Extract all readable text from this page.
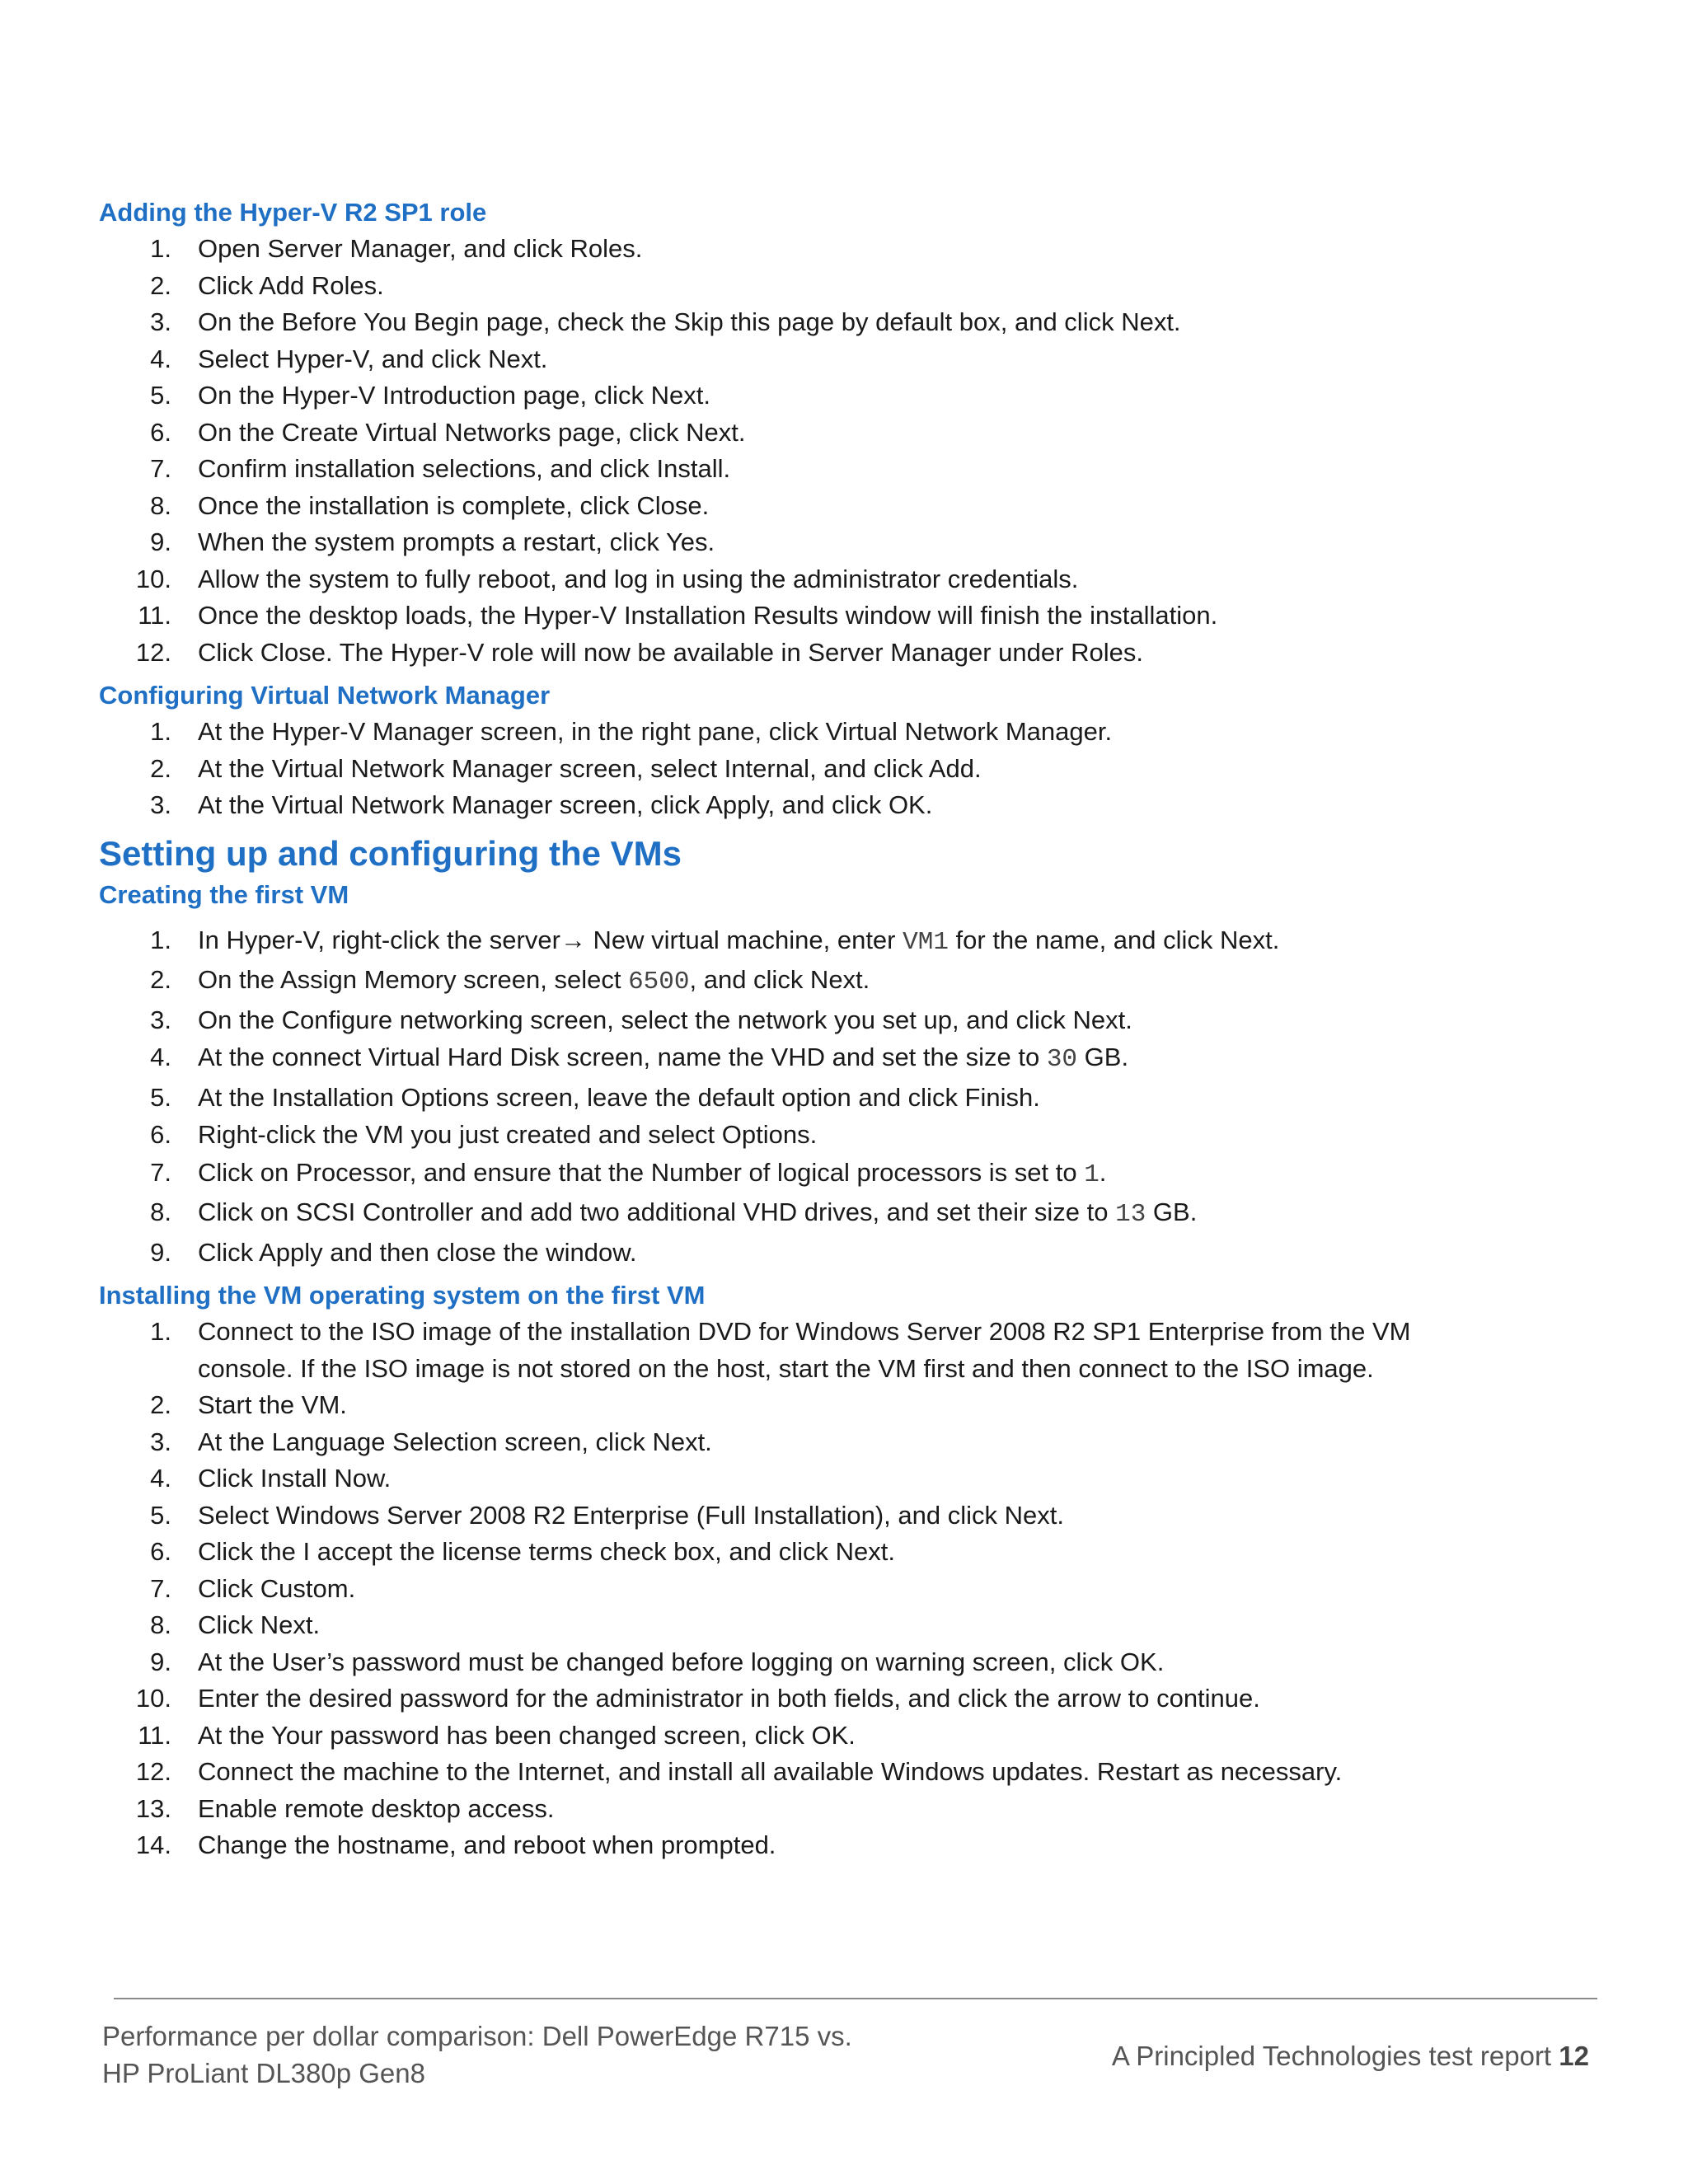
Adding the Hyper-V R2 SP1 role
1. Open Server Manager, and click Roles.
2. Click Add Roles.
3. On the Before You Begin page, check the Skip this page by default box, and click Next.
4. Select Hyper-V, and click Next.
5. On the Hyper-V Introduction page, click Next.
6. On the Create Virtual Networks page, click Next.
7. Confirm installation selections, and click Install.
8. Once the installation is complete, click Close.
9. When the system prompts a restart, click Yes.
10. Allow the system to fully reboot, and log in using the administrator credentials.
11. Once the desktop loads, the Hyper-V Installation Results window will finish the installation.
12. Click Close. The Hyper-V role will now be available in Server Manager under Roles.
Configuring Virtual Network Manager
1. At the Hyper-V Manager screen, in the right pane, click Virtual Network Manager.
2. At the Virtual Network Manager screen, select Internal, and click Add.
3. At the Virtual Network Manager screen, click Apply, and click OK.
Setting up and configuring the VMs
Creating the first VM
1. In Hyper-V, right-click the server→ New virtual machine, enter VM1 for the name, and click Next.
2. On the Assign Memory screen, select 6500, and click Next.
3. On the Configure networking screen, select the network you set up, and click Next.
4. At the connect Virtual Hard Disk screen, name the VHD and set the size to 30 GB.
5. At the Installation Options screen, leave the default option and click Finish.
6. Right-click the VM you just created and select Options.
7. Click on Processor, and ensure that the Number of logical processors is set to 1.
8. Click on SCSI Controller and add two additional VHD drives, and set their size to 13 GB.
9. Click Apply and then close the window.
Installing the VM operating system on the first VM
1. Connect to the ISO image of the installation DVD for Windows Server 2008 R2 SP1 Enterprise from the VM
console. If the ISO image is not stored on the host, start the VM first and then connect to the ISO image.
2. Start the VM.
3. At the Language Selection screen, click Next.
4. Click Install Now.
5. Select Windows Server 2008 R2 Enterprise (Full Installation), and click Next.
6. Click the I accept the license terms check box, and click Next.
7. Click Custom.
8. Click Next.
9. At the User’s password must be changed before logging on warning screen, click OK.
10. Enter the desired password for the administrator in both fields, and click the arrow to continue.
11. At the Your password has been changed screen, click OK.
12. Connect the machine to the Internet, and install all available Windows updates. Restart as necessary.
13. Enable remote desktop access.
14. Change the hostname, and reboot when prompted.
Performance per dollar comparison: Dell PowerEdge R715 vs.
HP ProLiant DL380p Gen8
A Principled Technologies test report 12
